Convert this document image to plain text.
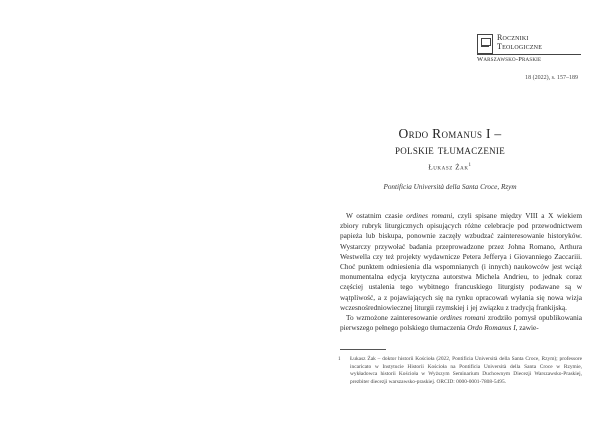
Roczniki
Teologiczne
Warszawsko-Praskie
18 (2022), s. 157–189
Ordo Romanus I –
polskie tłumaczenie
Łukasz Żak$^1$
Pontificia Università della Santa Croce, Rzym

W ostatnim czasie ordines romani, czyli spisane między VIII a X wiekiem zbiory rubryk liturgicznych opisujących różne celebracje pod przewodnictwem papieża lub biskupa, ponownie zaczęły wzbudzać zainteresowanie historyków. Wystarczy przywołać badania przeprowadzone przez Johna Romano, Arthura Westwella czy też projekty wydawnicze Petera Jefferya i Giovanniego Zaccariii. Choć punktem odniesienia dla wspomnianych (i innych) naukowców jest wciąż monumentalna edycja krytyczna autorstwa Michela Andrieu, to jednak coraz częściej ustalenia tego wybitnego francuskiego liturgisty podawane są w wątpliwość, a z pojawiających się na rynku opracowań wyłania się nowa wizja wczesnośredniowiecznej liturgii rzymskiej i jej związku z tradycją frankijską.

To wzmożone zainteresowanie ordines romani zrodziło pomysł opublikowania pierwszego pełnego polskiego tłumaczenia Ordo Romanus I, zawie-

1	Łukasz Żak – doktor historii Kościoła (2022, Pontificia Università della Santa Croce, Rzym); professore incaricato w Instytucie Historii Kościoła na Pontificia Università della Santa Croce w Rzymie, wykładowca historii Kościoła w Wyższym Seminarium Duchownym Diecezji Warszawsko-Praskiej, prezbiter diecezji warszawsko-praskiej. ORCID: 0000-0001-7808-5495.
